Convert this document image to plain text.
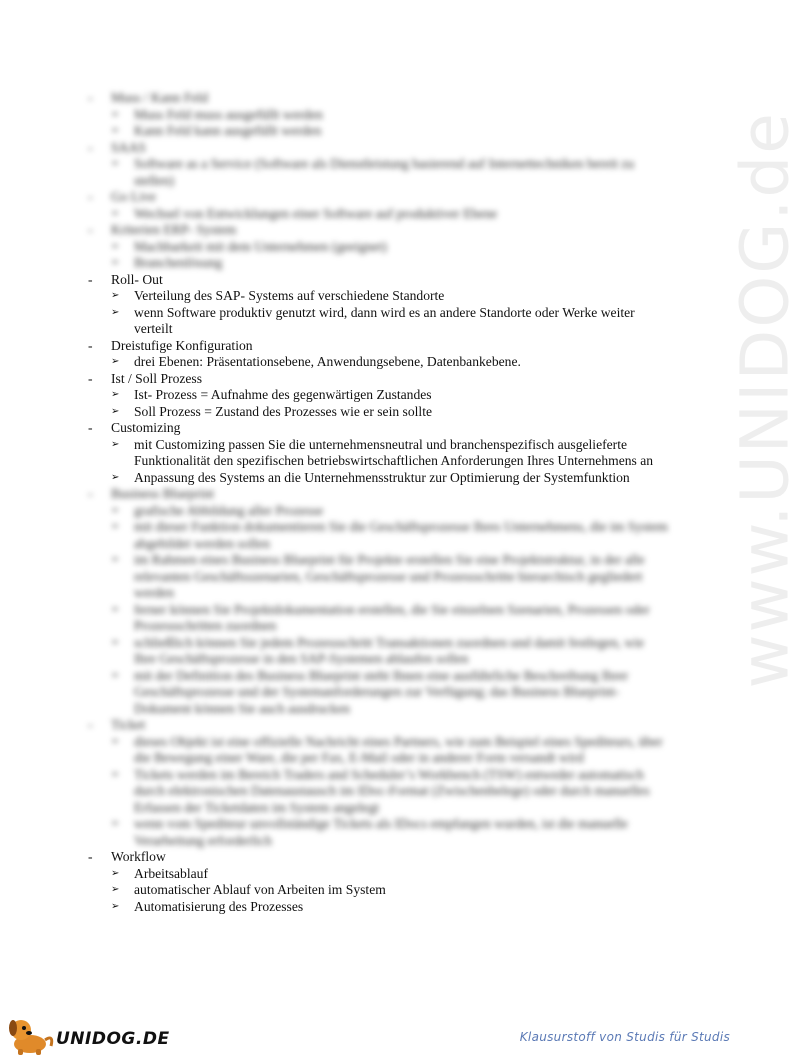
www.UNIDOG.de
- Muss / Kann Feld
➢ Muss Feld muss ausgefüllt werden
➢ Kann Feld kann ausgefüllt werden
- SAAS
➢ Software as a Service (Software als Dienstleistung basierend auf Internettechniken bereit zu stellen)
- Go Live
➢ Wechsel von Entwicklungen einer Software auf produktiver Ebene
- Kriterien ERP- System
➢ Machbarkeit mit dem Unternehmen (geeignet)
➢ Branchenlösung
- Roll- Out
➢ Verteilung des SAP- Systems auf verschiedene Standorte
➢ wenn Software produktiv genutzt wird, dann wird es an andere Standorte oder Werke weiter verteilt
- Dreistufige Konfiguration
➢ drei Ebenen: Präsentationsebene, Anwendungsebene, Datenbankebene.
- Ist / Soll Prozess
➢ Ist- Prozess = Aufnahme des gegenwärtigen Zustandes
➢ Soll Prozess = Zustand des Prozesses wie er sein sollte
- Customizing
➢ mit Customizing passen Sie die unternehmensneutral und branchenspezifisch ausgelieferte Funktionalität den spezifischen betriebswirtschaftlichen Anforderungen Ihres Unternehmens an
➢ Anpassung des Systems an die Unternehmensstruktur zur Optimierung der Systemfunktion
- Business Blueprint
➢ grafische Abbildung aller Prozesse
➢ mit dieser Funktion dokumentieren Sie die Geschäftsprozesse Ihres Unternehmens, die im System abgebildet werden sollen
➢ im Rahmen eines Business Blueprint für Projekte erstellen Sie eine Projektstruktur, in der alle relevanten Geschäftsszenarien, Geschäftsprozesse und Prozessschritte hierarchisch gegliedert werden
➢ ferner können Sie Projektdokumentation erstellen, die Sie einzelnen Szenarien, Prozessen oder Prozessschritten zuordnen
➢ schließlich können Sie jedem Prozessschritt Transaktionen zuordnen und damit festlegen, wie Ihre Geschäftsprozesse in den SAP-Systemen ablaufen sollen
➢ mit der Definition des Business Blueprint steht Ihnen eine ausführliche Beschreibung Ihrer Geschäftsprozesse und der Systemanforderungen zur Verfügung; das Business Blueprint-Dokument können Sie auch ausdrucken
- Ticket
➢ dieses Objekt ist eine offizielle Nachricht eines Partners, wie zum Beispiel eines Spediteurs, über die Bewegung einer Ware, die per Fax, E-Mail oder in anderer Form versandt wird
➢ Tickets werden im Bereich Traders and Scheduler’s Workbench (TSW) entweder automatisch durch elektronischen Datenaustausch im IDoc-Format (Zwischenbelege) oder durch manuelles Erfassen der Ticketdaten im System angelegt
➢ wenn vom Spediteur unvollständige Tickets als IDocs empfangen wurden, ist die manuelle Verarbeitung erforderlich
- Workflow
➢ Arbeitsablauf
➢ automatischer Ablauf von Arbeiten im System
➢ Automatisierung des Prozesses
UNIDOG.DE	Klausurstoff von Studis für Studis
